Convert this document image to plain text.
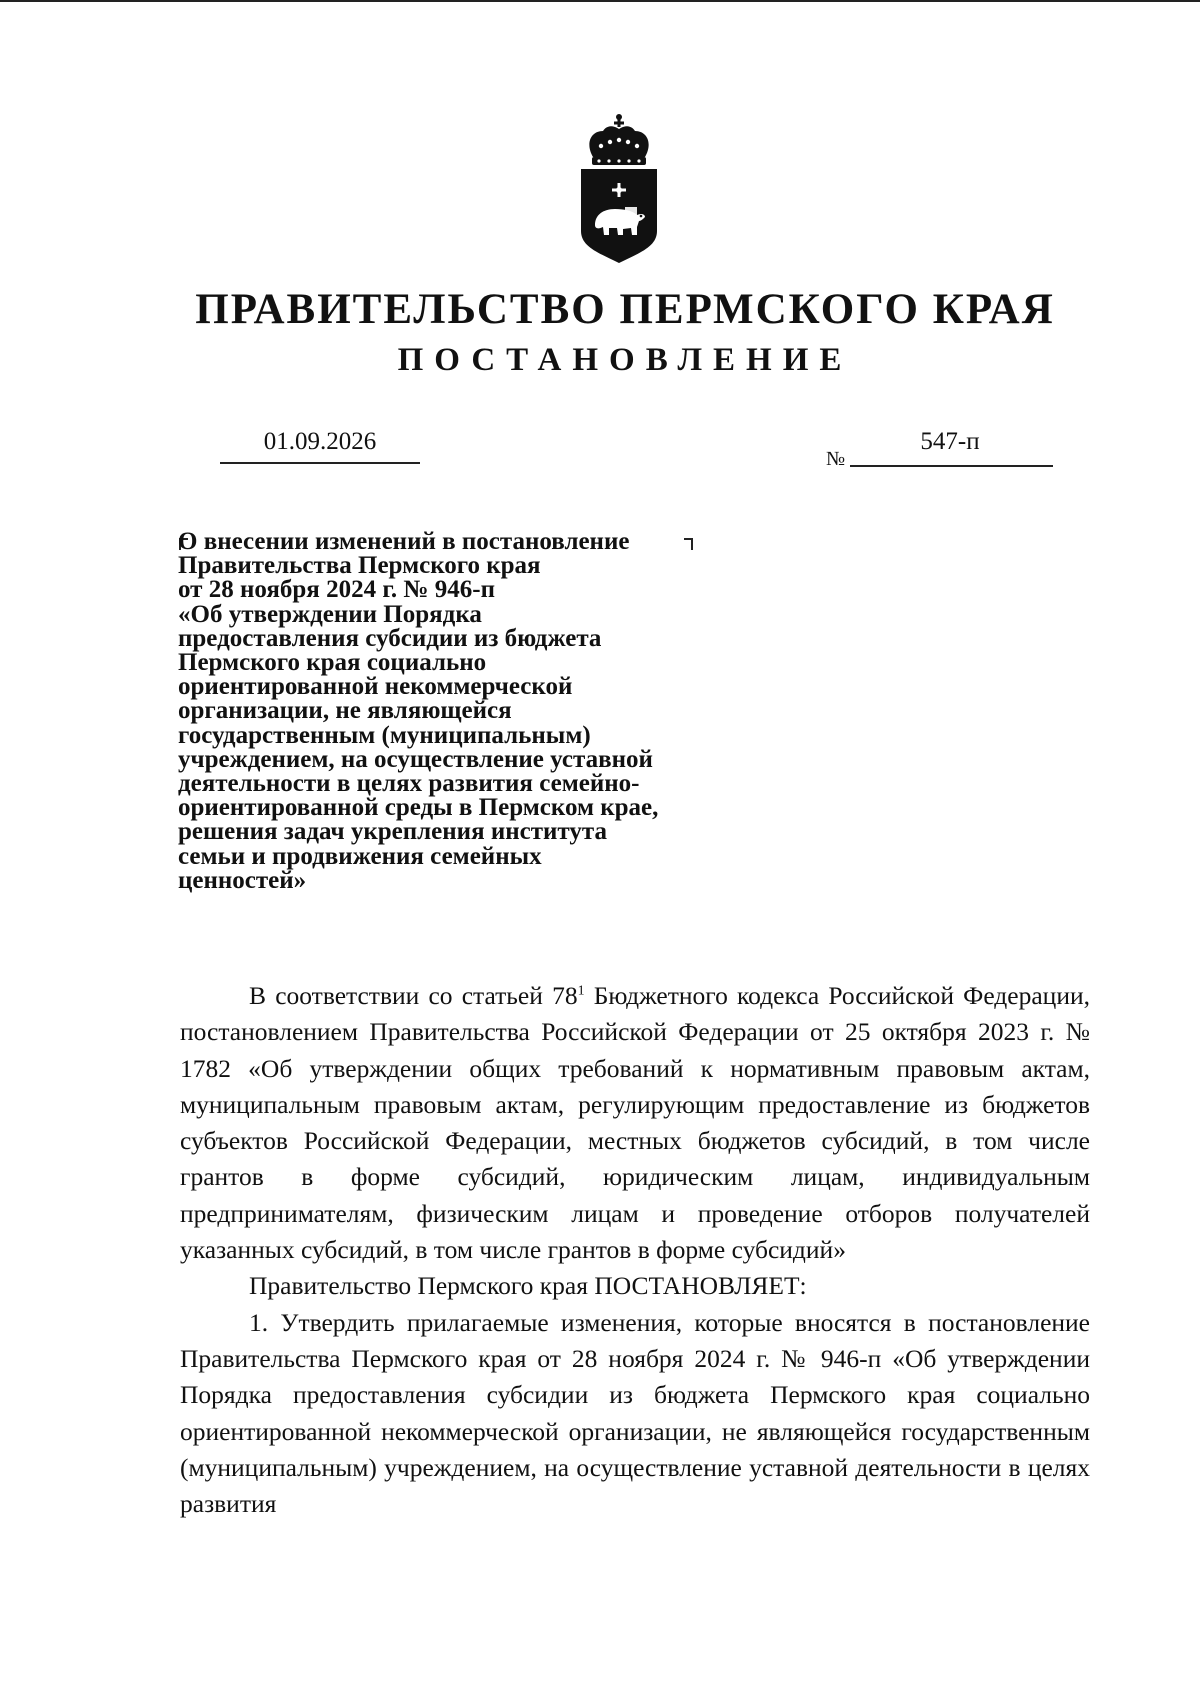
ПРАВИТЕЛЬСТВО ПЕРМСКОГО КРАЯ
ПОСТАНОВЛЕНИЕ
01.09.2026
№
547-п
О внесении изменений в постановление
Правительства Пермского края
от 28 ноября 2024 г. № 946-п
«Об утверждении Порядка
предоставления субсидии из бюджета
Пермского края социально
ориентированной некоммерческой
организации, не являющейся
государственным (муниципальным)
учреждением, на осуществление уставной
деятельности в целях развития семейно-
ориентированной среды в Пермском крае,
решения задач укрепления института
семьи и продвижения семейных
ценностей»

В соответствии со статьей $78^1$ Бюджетного кодекса Российской Федерации, постановлением Правительства Российской Федерации от 25 октября 2023 г. № 1782 «Об утверждении общих требований к нормативным правовым актам, муниципальным правовым актам, регулирующим предоставление из бюджетов субъектов Российской Федерации, местных бюджетов субсидий, в том числе грантов в форме субсидий, юридическим лицам, индивидуальным предпринимателям, физическим лицам и проведение отборов получателей указанных субсидий, в том числе грантов в форме субсидий»

Правительство Пермского края ПОСТАНОВЛЯЕТ:

1. Утвердить прилагаемые изменения, которые вносятся в постановление Правительства Пермского края от 28 ноября 2024 г. № 946-п «Об утверждении Порядка предоставления субсидии из бюджета Пермского края социально ориентированной некоммерческой организации, не являющейся государственным (муниципальным) учреждением, на осуществление уставной деятельности в целях развития
